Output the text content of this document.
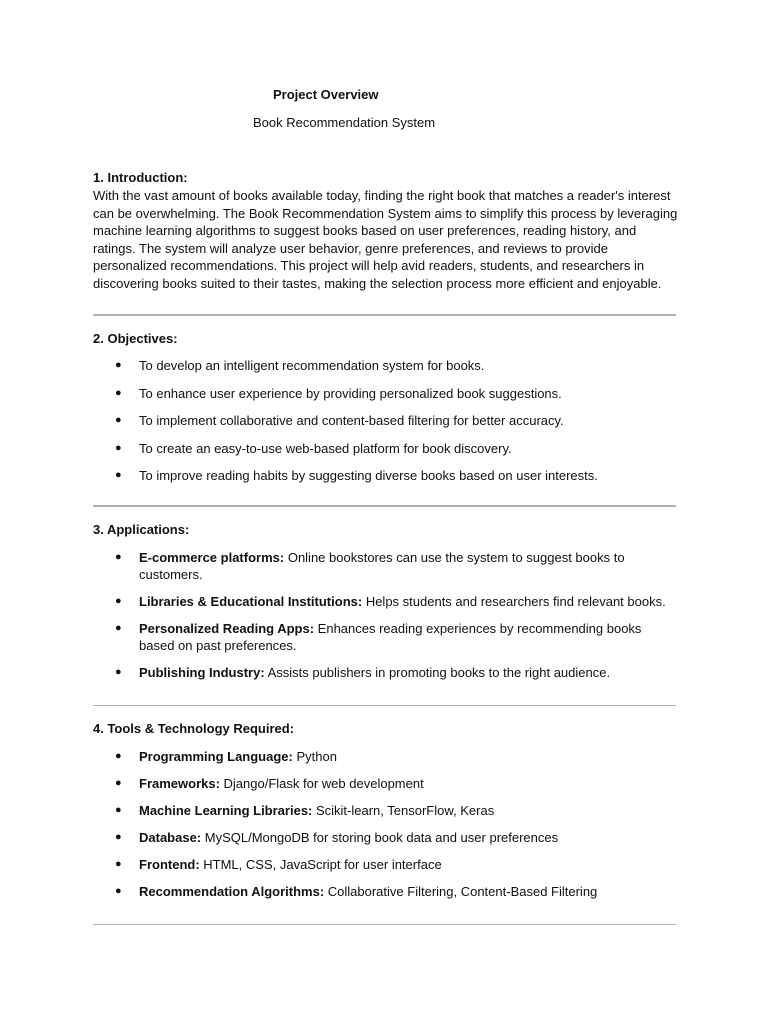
Project Overview

Book Recommendation System

1. Introduction:

With the vast amount of books available today, finding the right book that matches a reader's interest can be overwhelming. The Book Recommendation System aims to simplify this process by leveraging machine learning algorithms to suggest books based on user preferences, reading history, and ratings. The system will analyze user behavior, genre preferences, and reviews to provide personalized recommendations. This project will help avid readers, students, and researchers in discovering books suited to their tastes, making the selection process more efficient and enjoyable.

2. Objectives:

● To develop an intelligent recommendation system for books.
● To enhance user experience by providing personalized book suggestions.
● To implement collaborative and content-based filtering for better accuracy.
● To create an easy-to-use web-based platform for book discovery.
● To improve reading habits by suggesting diverse books based on user interests.

3. Applications:

● E-commerce platforms: Online bookstores can use the system to suggest books to customers.
● Libraries & Educational Institutions: Helps students and researchers find relevant books.
● Personalized Reading Apps: Enhances reading experiences by recommending books based on past preferences.
● Publishing Industry: Assists publishers in promoting books to the right audience.

4. Tools & Technology Required:

● Programming Language: Python
● Frameworks: Django/Flask for web development
● Machine Learning Libraries: Scikit-learn, TensorFlow, Keras
● Database: MySQL/MongoDB for storing book data and user preferences
● Frontend: HTML, CSS, JavaScript for user interface
● Recommendation Algorithms: Collaborative Filtering, Content-Based Filtering
